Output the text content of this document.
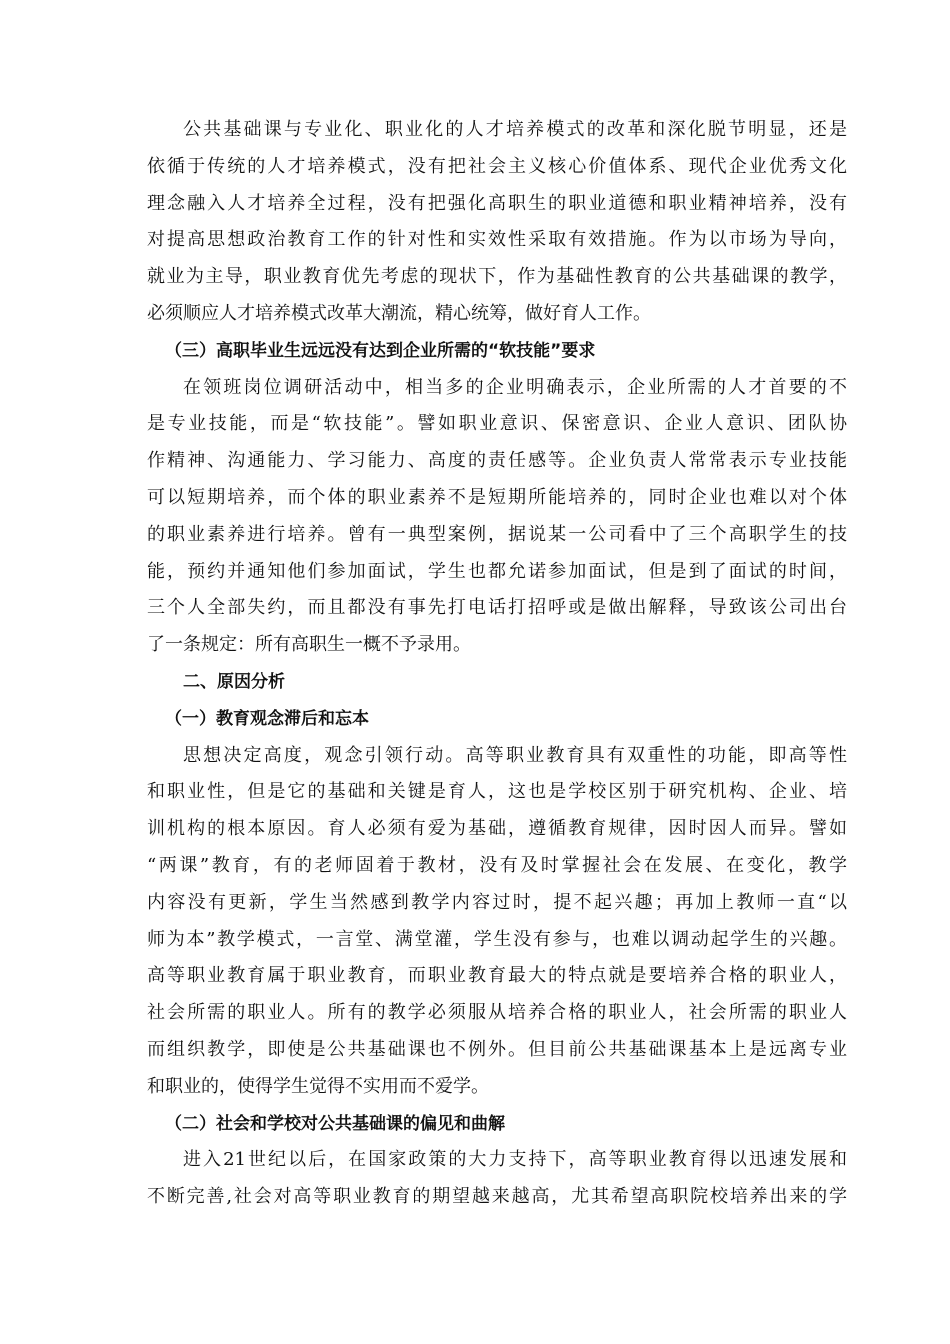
公共基础课与专业化、职业化的人才培养模式的改革和深化脱节明显，还是
依循于传统的人才培养模式，没有把社会主义核心价值体系、现代企业优秀文化
理念融入人才培养全过程，没有把强化高职生的职业道德和职业精神培养，没有
对提高思想政治教育工作的针对性和实效性采取有效措施。作为以市场为导向，
就业为主导，职业教育优先考虑的现状下，作为基础性教育的公共基础课的教学，
必须顺应人才培养模式改革大潮流，精心统筹，做好育人工作。
（三）高职毕业生远远没有达到企业所需的“软技能”要求
在领班岗位调研活动中，相当多的企业明确表示，企业所需的人才首要的不
是专业技能，而是“软技能”。譬如职业意识、保密意识、企业人意识、团队协
作精神、沟通能力、学习能力、高度的责任感等。企业负责人常常表示专业技能
可以短期培养，而个体的职业素养不是短期所能培养的，同时企业也难以对个体
的职业素养进行培养。曾有一典型案例，据说某一公司看中了三个高职学生的技
能，预约并通知他们参加面试，学生也都允诺参加面试，但是到了面试的时间，
三个人全部失约，而且都没有事先打电话打招呼或是做出解释，导致该公司出台
了一条规定：所有高职生一概不予录用。
二、原因分析
（一）教育观念滞后和忘本
思想决定高度，观念引领行动。高等职业教育具有双重性的功能，即高等性
和职业性，但是它的基础和关键是育人，这也是学校区别于研究机构、企业、培
训机构的根本原因。育人必须有爱为基础，遵循教育规律，因时因人而异。譬如
“两课”教育，有的老师固着于教材，没有及时掌握社会在发展、在变化，教学
内容没有更新，学生当然感到教学内容过时，提不起兴趣；再加上教师一直“以
师为本”教学模式，一言堂、满堂灌，学生没有参与，也难以调动起学生的兴趣。
高等职业教育属于职业教育，而职业教育最大的特点就是要培养合格的职业人，
社会所需的职业人。所有的教学必须服从培养合格的职业人，社会所需的职业人
而组织教学，即使是公共基础课也不例外。但目前公共基础课基本上是远离专业
和职业的，使得学生觉得不实用而不爱学。
（二）社会和学校对公共基础课的偏见和曲解
进入21世纪以后，在国家政策的大力支持下，高等职业教育得以迅速发展和
不断完善,社会对高等职业教育的期望越来越高，尤其希望高职院校培养出来的学
